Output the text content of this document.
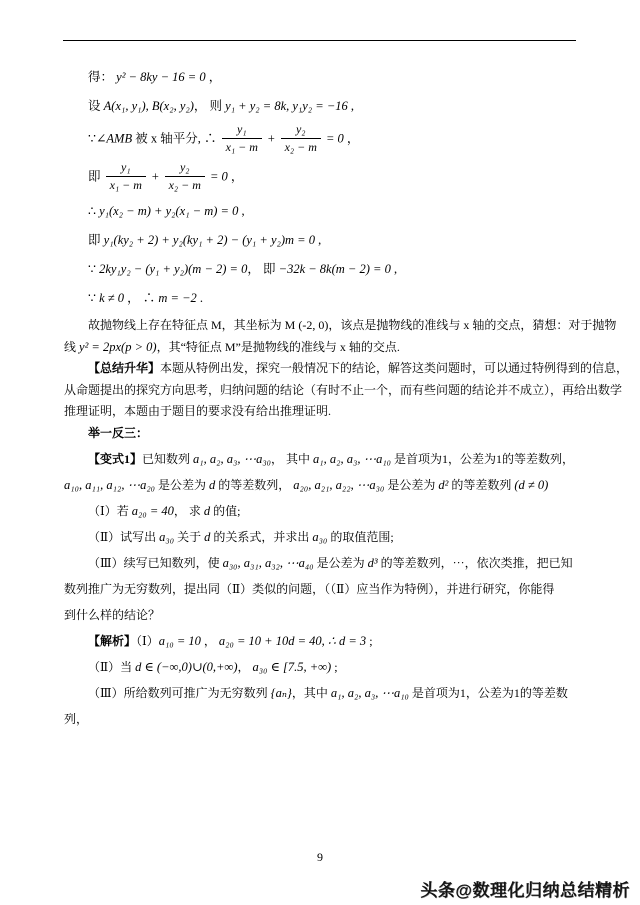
得： y² − 8ky − 16 = 0 ，
设 A(x₁, y₁), B(x₂, y₂)， 则 y₁ + y₂ = 8k, y₁y₂ = −16 ,
∵∠AMB 被 x 轴平分, ∴ $\frac{\text{y₁}}{\text{x₁ − m}} + \frac{\text{y₂}}{\text{x₂ − m}} = 0$ ，
即 $\frac{\text{y₁}}{\text{x₁ − m}} + \frac{\text{y₂}}{\text{x₂ − m}} = 0$ ，
∴ y₁(x₂ − m) + y₂(x₁ − m) = 0 ,
即 y₁(ky₂ + 2) + y₂(ky₁ + 2) − (y₁ + y₂)m = 0 ,
∵ 2ky₁y₂ − (y₁ + y₂)(m − 2) = 0， 即 −32k − 8k(m − 2) = 0 ,
∵ k ≠ 0 ， ∴ m = −2 .
故抛物线上存在特征点 M，其坐标为 M (-2, 0)，该点是抛物线的准线与 x 轴的交点，猜想：对于抛物
线 y² = 2px(p > 0)，其“特征点 M”是抛物线的准线与 x 轴的交点.
【总结升华】本题从特例出发，探究一般情况下的结论，解答这类问题时，可以通过特例得到的信息，
从命题提出的探究方向思考，归纳问题的结论（有时不止一个，而有些问题的结论并不成立），再给出数学
推理证明，本题由于题目的要求没有给出推理证明.
举一反三：
【变式1】已知数列 a₁, a₂, a₃, ⋯a₃₀， 其中 a₁, a₂, a₃, ⋯a₁₀ 是首项为1，公差为1的等差数列，
a₁₀, a₁₁, a₁₂, ⋯a₂₀ 是公差为 d 的等差数列， a₂₀, a₂₁, a₂₂, ⋯a₃₀ 是公差为 d² 的等差数列 (d ≠ 0)
（Ⅰ）若 a₂₀ = 40， 求 d 的值;
（Ⅱ）试写出 a₃₀ 关于 d 的关系式，并求出 a₃₀ 的取值范围;
（Ⅲ）续写已知数列，使 a₃₀, a₃₁, a₃₂, ⋯a₄₀ 是公差为 d³ 的等差数列，⋯，依次类推，把已知
数列推广为无穷数列，提出同（Ⅱ）类似的问题，（（Ⅱ）应当作为特例），并进行研究，你能得
到什么样的结论？
【解析】（Ⅰ）a₁₀ = 10 ， a₂₀ = 10 + 10d = 40, ∴ d = 3 ;
（Ⅱ）当 d ∈ (−∞,0)∪(0,+∞)， a₃₀ ∈ [7.5, +∞) ;
（Ⅲ）所给数列可推广为无穷数列 {aₙ}，其中 a₁, a₂, a₃, ⋯a₁₀ 是首项为1，公差为1的等差数
列，
9
头条@数理化归纳总结精析
